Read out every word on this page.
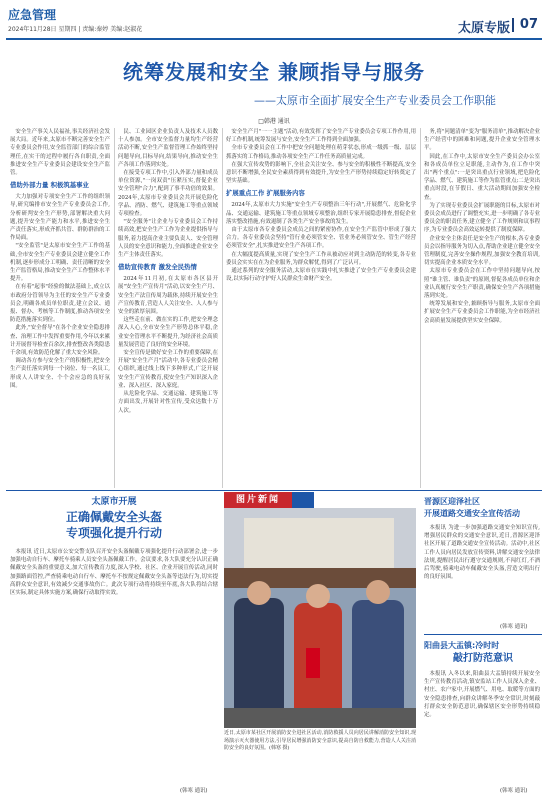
应急管理
2024年11月28日 星期四 | 责编:秦婷 美编:赵淑花	太原专版 07
统筹发展和安全 兼顾指导与服务
——太原市全面扩展安全生产专业委员会工作职能
□韩港 通讯

安全生产事关人民福祉,事关经济社会发展大局。近年来,太原市不断完善安全生产专业委员会作用,安全监管部门的综合监管理任,在实干的过程中履行各自职责,全面推进安全生产专业委员会建设安全生产监管。

借助外部力量 积极筑基事业

大力加强对专项安全生产工作的组织领导,研究编排市安全生产专业委员会工作,分析研判安全生产形势,部署解决重大问题,提升安全生产能力和水平,推进安全生产责任落实,形成齐抓共管、群防群治的工作局面。

"安全监管"是太原市安全生产工作的基础,全市安全生产专业委员会建立健全工作机制,逐步形成分工明确、责任清晰的安全生产监管格局,推动安全生产工作整体水平提升。

在有着"起事"经验的做法基础上,成立以市政府分管领导为主任的安全生产专业委员会,明确各成员单位职责,建立会议、通报、督办、考核等工作制度,推动各项安全防范措施落实到位。

此外,"安全督导"在各个企业安全隐患排查、治理工作中发挥重要作用,今年以来累计开展督导检查百余次,排查整改各类隐患千余项,有效防范化解了重大安全风险。

调动各方参与安全生产的积极性,把安全生产责任落实到每一个岗位、每一名员工,形成人人讲安全、个个会应急的良好氛围。

民、工业园区企业负责人及技术人员数十人参加。全市安全监督力量均生产经营活动不断,安全生产监督管理工作始终坚持问题导向,目标导向,结果导向,推动安全生产各项工作落到实处。

在接受专项工作中,引入外部力量和成员单位资源,"一岗双责"压紧压实,督促企业安全管理"合力",配到了事半功倍的效果。2024年,太原市专业委员会共开展危险化学品、消防、燃气、建筑施工等重点领域专项检查。

"安全服务"让企业与专业委员会工作持续高效,把安全生产工作为企业提供指导与服务,着力提高企业主要负责人、安全管理人员的安全意识和能力,全面推进企业安全生产主体责任落实。

借助宣传教育 激发全民热情

2024年11月初,在太原市各区县开展"安全生产宣传月"活动,以安全生产月、安全生产法宣传周为载体,持续开展安全生产宣传教育,营造人人关注安全、人人参与安全的浓厚氛围。

这些走在前、做在实的工作,把安全理念深入人心,全市安全生产形势总体平稳,企业安全管理水平不断提升,为经济社会高质量发展营造了良好的安全环境。

安全宣传是做好安全工作的重要保障,在开展"安全生产月"活动中,各专业委员会精心组织,通过线上线下多种形式,广泛开展安全生产宣传教育,使安全生产知识深入企业、深入社区、深入家庭。

从危险化学品、交通运输、建筑施工等方面出发,开展针对性宣传,受众达数十万人次。

安全生产月"一一主题"活动,有效发挥了安全生产专业委员会专项工作作用,用好工作机制,统筹发展与安全,安全生产工作得到全面加强。

全市专业委员会在工作中把安全问题处理在萌芽状态,形成一级抓一级、层层抓落实的工作格局,推动各项安全生产工作任务高质量完成。

在强大宣传攻势的影响下,全社会关注安全、参与安全的积极性不断提高,安全意识不断增强,全民安全素质得到有效提升,为安全生产形势持续稳定好转奠定了坚实基础。

扩展重点工作 扩展服务内容

2024年,太原市大力实施"安全生产专项整治三年行动",开展燃气、危险化学品、交通运输、建筑施工等重点领域专项整治,组织专家开展隐患排查,督促企业落实整改措施,有效遏制了各类生产安全事故的发生。

由于太原市各专业委员会成员之间的紧密协作,在安全生产监管中形成了强大合力。各专业委员会坚持"管行业必须管安全、管业务必须管安全、管生产经营必须管安全",扎实推进安全生产各项工作。

在大幅度提高质量,实现了安全生产工作从被动应对到主动防范的转变,各专业委员会实实在在为企业服务,为群众解忧,得到了广泛认可。

通过系列的安全服务活动,太原市在实践中扎实推进了安全生产专业委员会建设,以实际行动守护好人民群众生命财产安全。

务,将"问题清单"变为"服务清单",推动解决企业生产经营中的困难和问题,提升企业安全管理水平。

因此,在工作中,太原市安全生产委员会办公室和各成员单位立足职能,主动作为,在工作中突出"两个重点":一是突出重点行业领域,把危险化学品、燃气、建筑施工等作为监管重点;二是突出重点时段,在节假日、重大活动期间加强安全检查。

为了实现专业委员会扩展职能的目标,太原市对委员会成员进行了调整充实,进一步明确了各专业委员会的职责任务,建立健全了工作规则和议事程序,为专业委员会高效运转提供了制度保障。

企业安全主体责任是安全生产的根本,各专业委员会以指导服务为切入点,帮助企业建立健全安全管理制度,完善安全操作规程,加强安全教育培训,切实提高企业本质安全水平。

太原市专业委员会在工作中坚持问题导向,按照"谁主管、谁负责"的原则,督促各成员单位和企业认真履行安全生产职责,确保安全生产各项措施落到实处。

统筹发展和安全,兼顾指导与服务,太原市全面扩展安全生产专业委员会工作职能,为全市经济社会高质量发展提供坚实安全保障。

太原市开展
正确佩戴安全头盔
专项强化提升行动

本报讯 近日,太原市公安交警支队召开安全头盔佩戴专项强化提升行动部署会,进一步加强电动自行车、摩托车骑乘人员安全头盔佩戴工作。会议要求,各大队要充分认识正确佩戴安全头盔的重要意义,加大宣传教育力度,深入学校、社区、企业开展宣传活动,同时加强路面管控,严查骑乘电动自行车、摩托车不按规定佩戴安全头盔等违法行为,切实提高群众安全意识,有效减少交通事故伤亡。此次专项行动将持续至年底,各大队将结合辖区实际,制定具体实施方案,确保行动取得实效。

(韩寒 通讯)
图片新闻
近日,太原市某社区开展消防安全进社区活动,消防救援人员向居民讲解消防安全知识,现场演示灭火器使用方法,引导居民增强消防安全意识,提高自防自救能力,营造人人关注消防安全的良好氛围。(韩寒 摄)
晋源区迎泽社区
开展道路交通安全宣传活动

本报讯 为进一步加强道路交通安全知识宣传,增强居民群众的交通安全意识,近日,晋源区迎泽社区开展了道路交通安全宣传活动。活动中,社区工作人员向居民发放宣传资料,讲解交通安全法律法规,提醒居民出行遵守交通规则,不闯红灯,不酒后驾驶,骑乘电动车佩戴安全头盔,营造文明出行的良好氛围。

(韩寒 通讯)
阳曲县大盂镇:冷时时
敲打防范意识

本报讯 入冬以来,阳曲县大盂镇持续开展安全生产宣传教育活动,镇安监站工作人员深入企业、村庄、农户家中,开展燃气、用电、取暖等方面的安全隐患排查,向群众讲解冬季安全常识,时刻敲打群众安全防范意识,确保辖区安全形势持续稳定。

(韩寒 通讯)
